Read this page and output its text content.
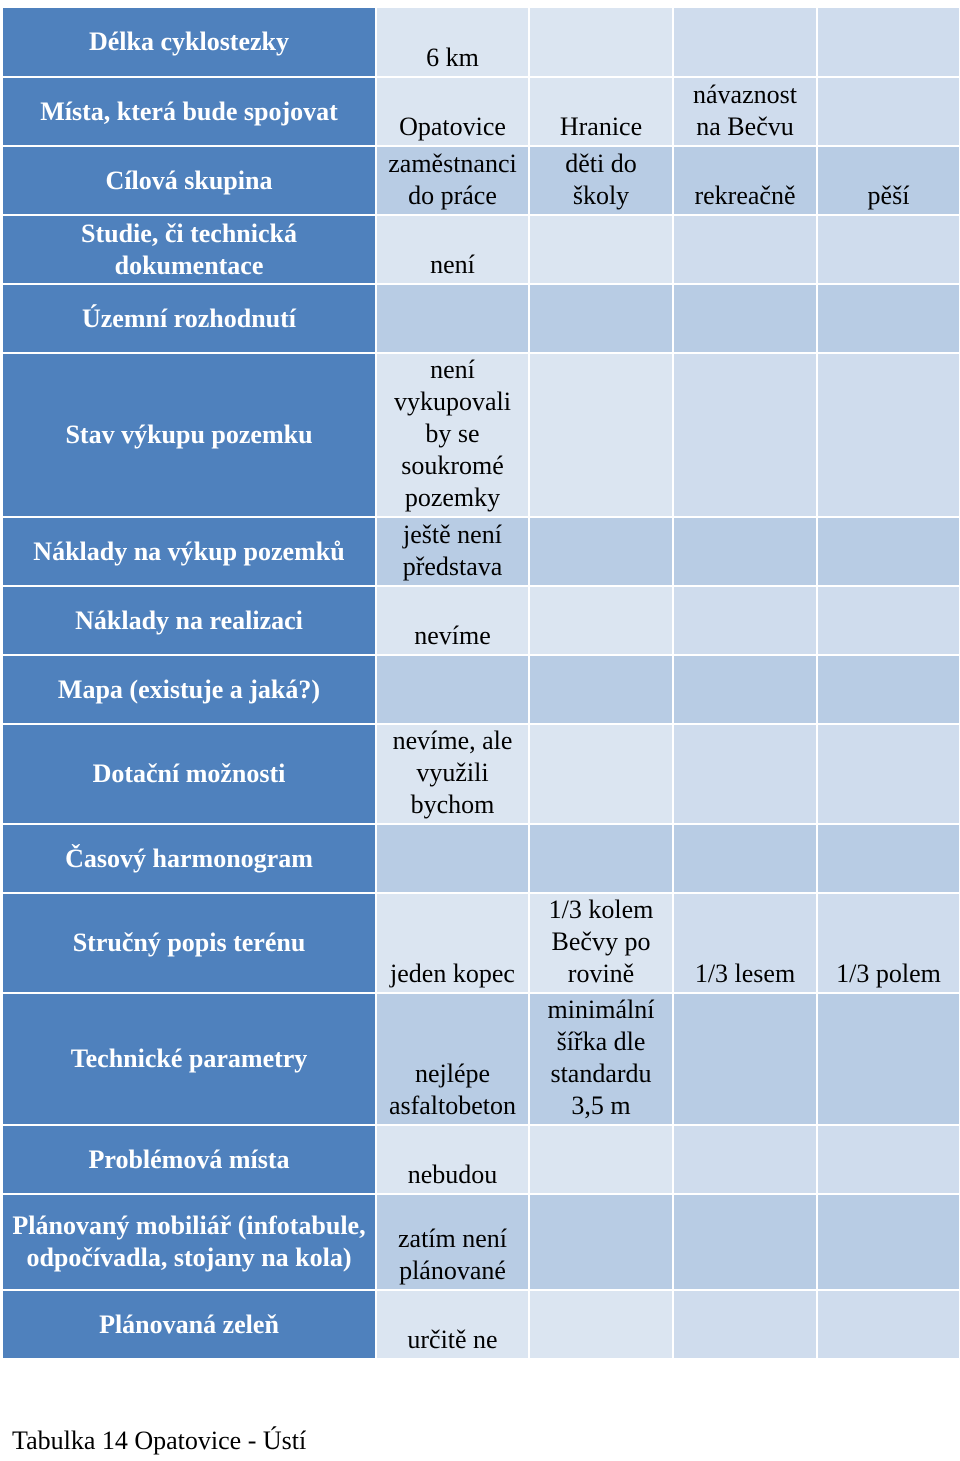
Délka cyklostezky	6 km			
Místa, která bude spojovat	Opatovice	Hranice	návaznost na Bečvu	
Cílová skupina	zaměstnanci do práce	děti do školy	rekreačně	pěší
Studie, či technická dokumentace	není			
Územní rozhodnutí				
Stav výkupu pozemku	není vykupovali by se soukromé pozemky			
Náklady na výkup pozemků	ještě není představa			
Náklady na realizaci	nevíme			
Mapa (existuje a jaká?)				
Dotační možnosti	nevíme, ale využili bychom			
Časový harmonogram				
Stručný popis terénu	jeden kopec	1/3 kolem Bečvy po rovině	1/3 lesem	1/3 polem
Technické parametry	nejlépe asfaltobeton	minimální šířka dle standardu 3,5 m		
Problémová místa	nebudou			
Plánovaný mobiliář (infotabule, odpočívadla, stojany na kola)	zatím není plánované			
Plánovaná zeleň	určitě ne			
Tabulka 14 Opatovice - Ústí
